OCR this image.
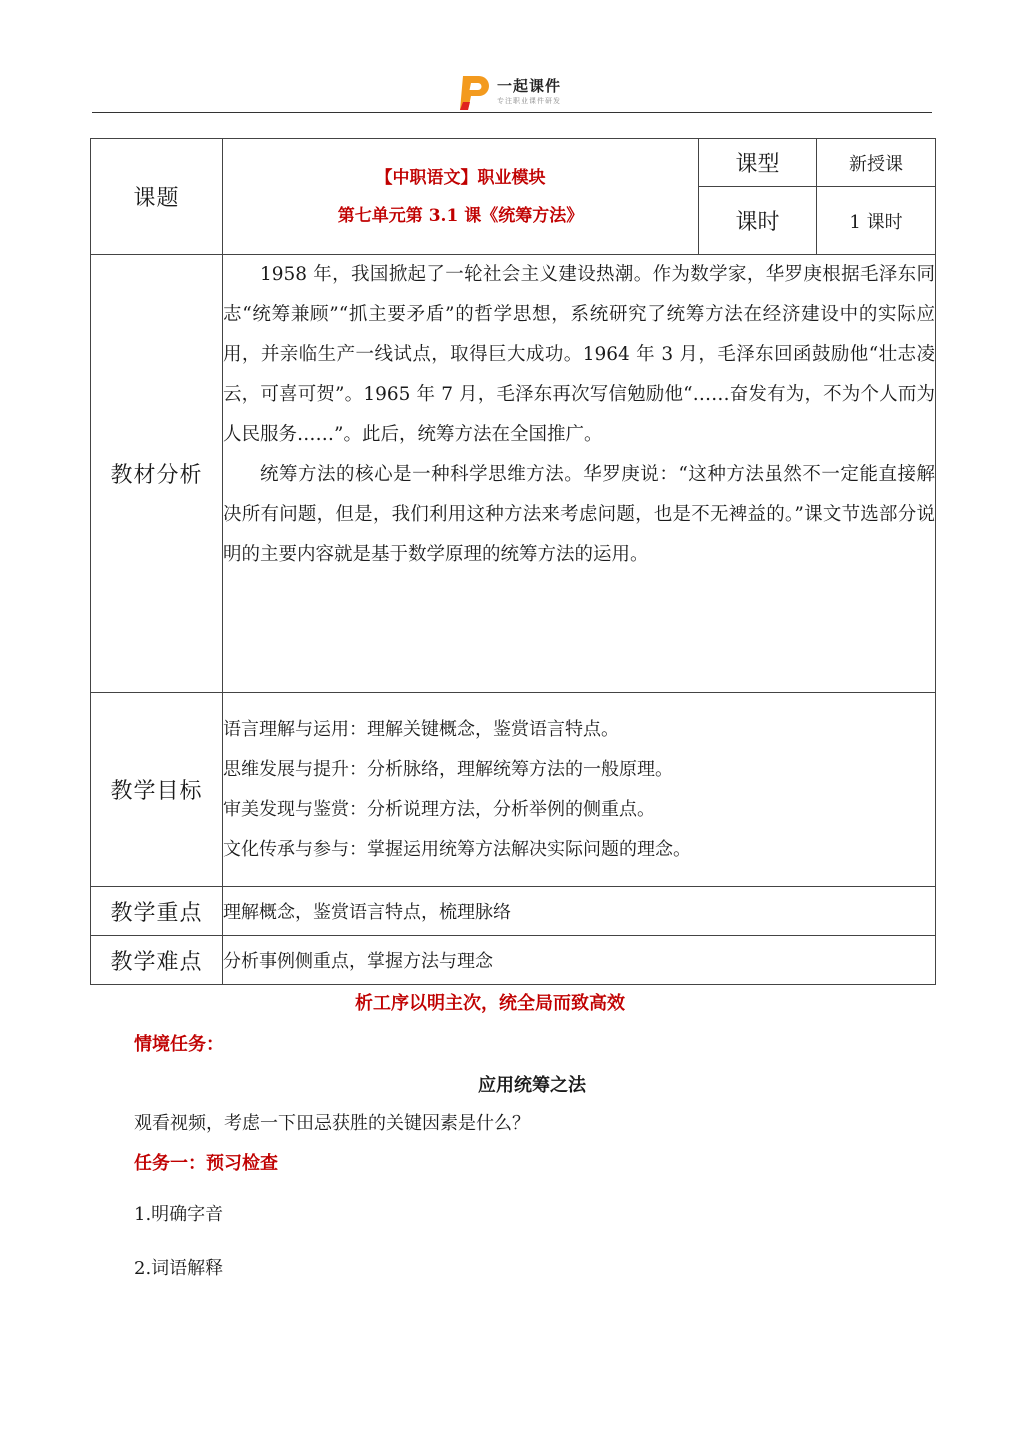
一起课件
专注职业课件研发
课题	【中职语文】职业模块
第七单元第 3.1 课《统筹方法》	课型	新授课
		课时	1 课时
教材分析	1958 年，我国掀起了一轮社会主义建设热潮。作为数学家，华罗庚根据毛泽东同志“统筹兼顾”“抓主要矛盾”的哲学思想，系统研究了统筹方法在经济建设中的实际应用，并亲临生产一线试点，取得巨大成功。1964 年 3 月，毛泽东回函鼓励他“壮志凌云，可喜可贺”。1965 年 7 月，毛泽东再次写信勉励他“……奋发有为，不为个人而为人民服务……”。此后，统筹方法在全国推广。

统筹方法的核心是一种科学思维方法。华罗庚说：“这种方法虽然不一定能直接解决所有问题，但是，我们利用这种方法来考虑问题，也是不无裨益的。”课文节选部分说明的主要内容就是基于数学原理的统筹方法的运用。		

教学目标	语言理解与运用：理解关键概念，鉴赏语言特点。
思维发展与提升：分析脉络，理解统筹方法的一般原理。
审美发现与鉴赏：分析说理方法，分析举例的侧重点。
文化传承与参与：掌握运用统筹方法解决实际问题的理念。		

教学重点	理解概念，鉴赏语言特点，梳理脉络		
教学难点	分析事例侧重点，掌握方法与理念		
析工序以明主次，统全局而致高效
情境任务：
应用统筹之法
观看视频，考虑一下田忌获胜的关键因素是什么？
任务一：预习检查
1.明确字音
2.词语解释
